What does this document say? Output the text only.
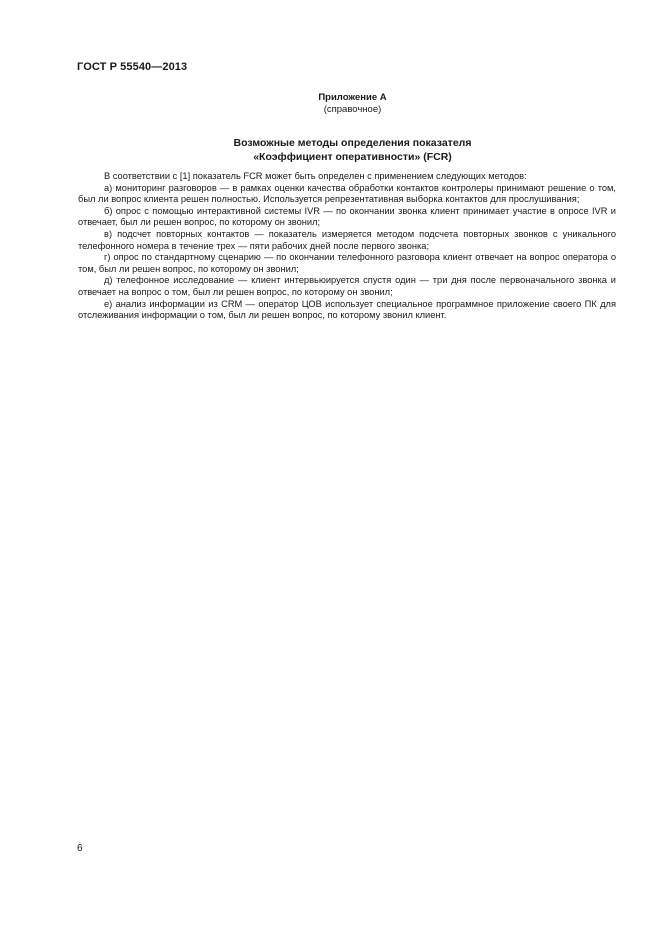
ГОСТ Р 55540—2013
Приложение А
(справочное)
Возможные методы определения показателя
«Коэффициент оперативности» (FCR)

В соответствии с [1] показатель FCR может быть определен с применением следующих методов:

а) мониторинг разговоров — в рамках оценки качества обработки контактов контролеры принимают решение о том, был ли вопрос клиента решен полностью. Используется репрезентативная выборка контактов для прослушивания;

б) опрос с помощью интерактивной системы IVR — по окончании звонка клиент принимает участие в опросе IVR и отвечает, был ли решен вопрос, по которому он звонил;

в) подсчет повторных контактов — показатель измеряется методом подсчета повторных звонков с уникального телефонного номера в течение трех — пяти рабочих дней после первого звонка;

г) опрос по стандартному сценарию — по окончании телефонного разговора клиент отвечает на вопрос оператора о том, был ли решен вопрос, по которому он звонил;

д) телефонное исследование — клиент интервьюируется спустя один — три дня после первоначального звонка и отвечает на вопрос о том, был ли решен вопрос, по которому он звонил;

е) анализ информации из CRM — оператор ЦОВ использует специальное программное приложение своего ПК для отслеживания информации о том, был ли решен вопрос, по которому звонил клиент.

6
